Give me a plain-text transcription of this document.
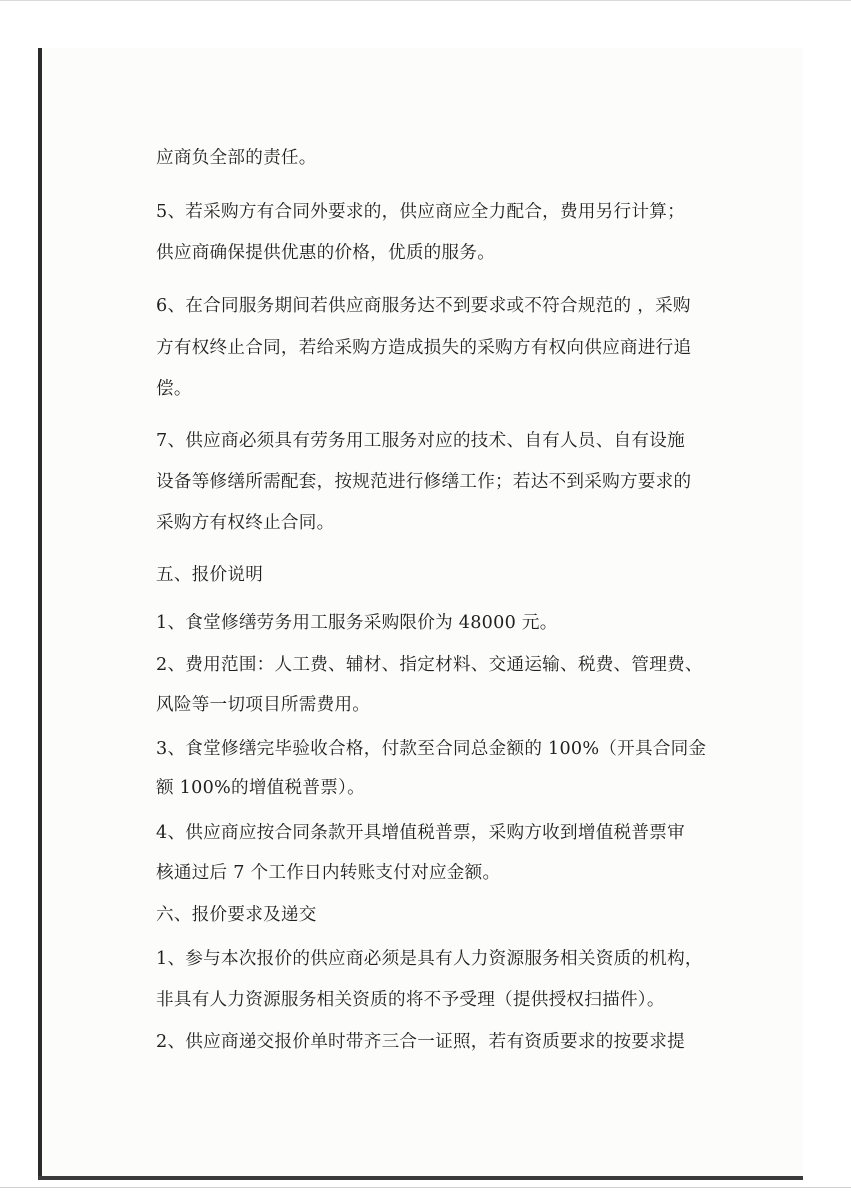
应商负全部的责任。
5、若采购方有合同外要求的，供应商应全力配合，费用另行计算；
供应商确保提供优惠的价格，优质的服务。
6、在合同服务期间若供应商服务达不到要求或不符合规范的 ，采购
方有权终止合同，若给采购方造成损失的采购方有权向供应商进行追
偿。
7、供应商必须具有劳务用工服务对应的技术、自有人员、自有设施
设备等修缮所需配套，按规范进行修缮工作；若达不到采购方要求的
采购方有权终止合同。
五、报价说明
1、食堂修缮劳务用工服务采购限价为 48000 元。
2、费用范围：人工费、辅材、指定材料、交通运输、税费、管理费、
风险等一切项目所需费用。
3、食堂修缮完毕验收合格，付款至合同总金额的 100%（开具合同金
额 100%的增值税普票）。
4、供应商应按合同条款开具增值税普票，采购方收到增值税普票审
核通过后 7 个工作日内转账支付对应金额。
六、报价要求及递交
1、参与本次报价的供应商必须是具有人力资源服务相关资质的机构，
非具有人力资源服务相关资质的将不予受理（提供授权扫描件）。
2、供应商递交报价单时带齐三合一证照，若有资质要求的按要求提
